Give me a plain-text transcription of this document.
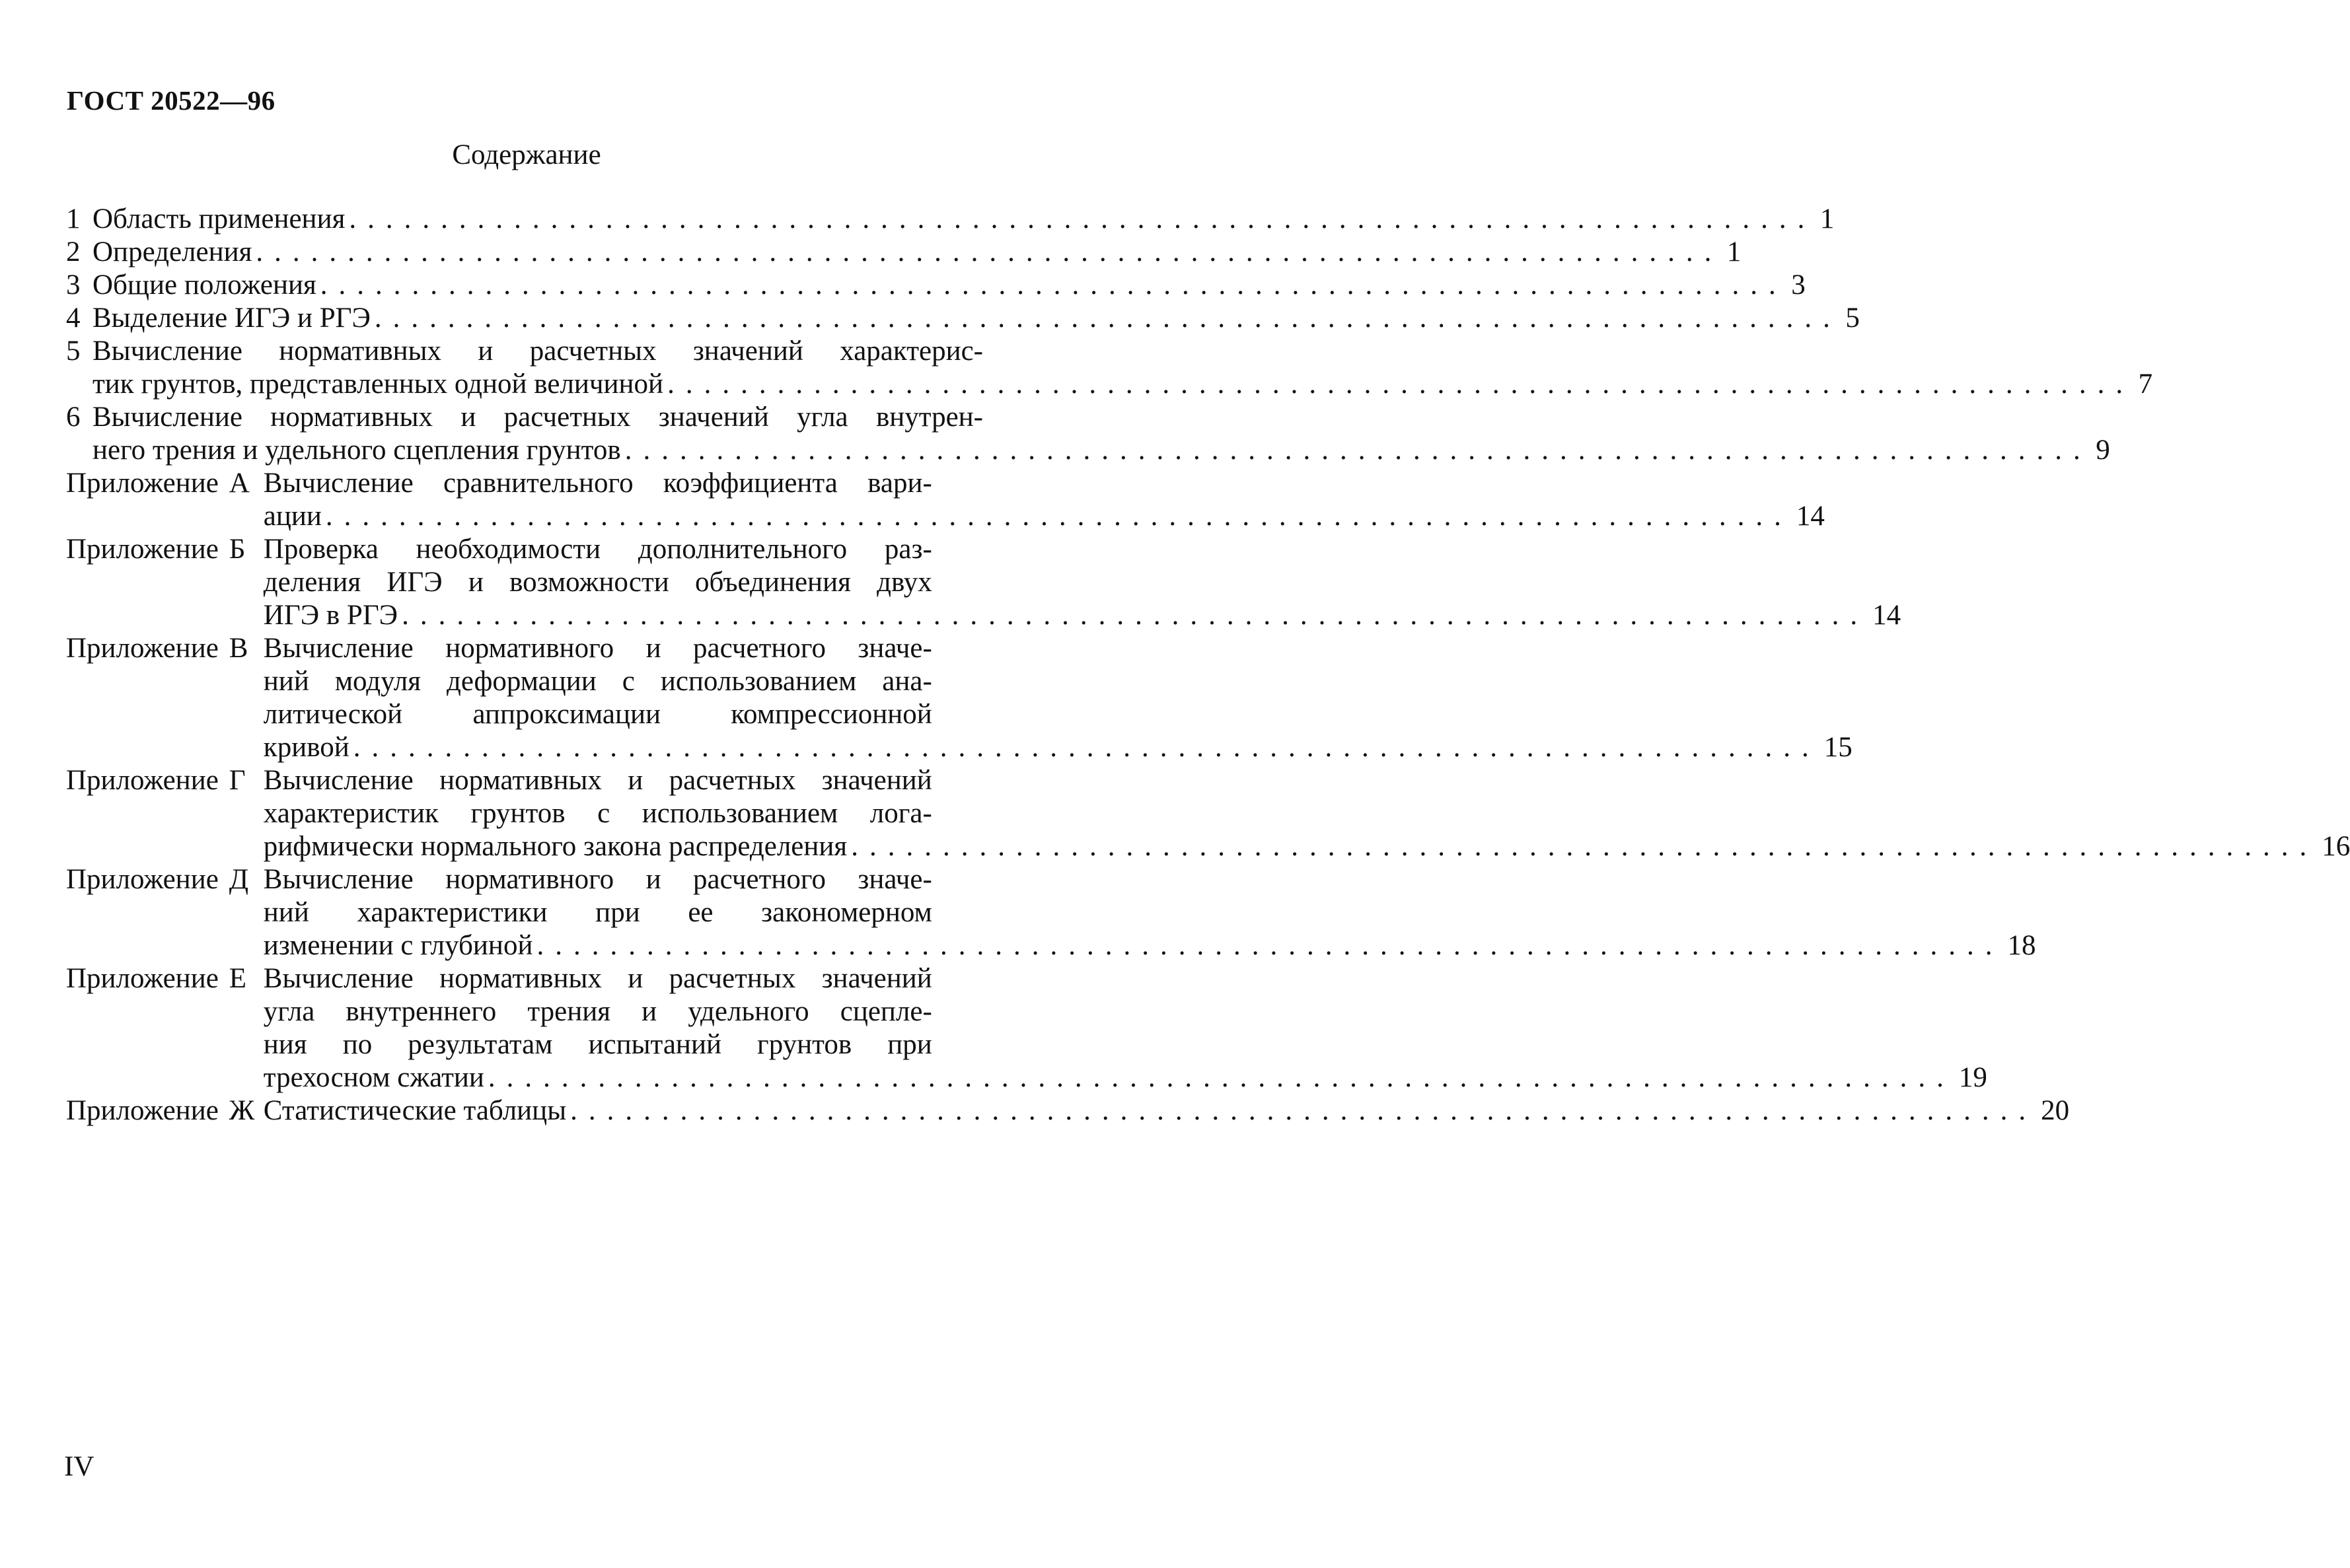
ГОСТ 20522—96
Содержание
1 Область применения ................................................................................ 1
2 Определения ................................................................................ 1
3 Общие положения ................................................................................ 3
4 Выделение ИГЭ и РГЭ ................................................................................ 5
5 Вычисление нормативных и расчетных значений характерис-
тик грунтов, представленных одной величиной ................................................................................ 7
6 Вычисление нормативных и расчетных значений угла внутрен-
него трения и удельного сцепления грунтов ................................................................................ 9
Приложение А Вычисление сравнительного коэффициента вари-
ации ................................................................................ 14
Приложение Б Проверка необходимости дополнительного раз-
деления ИГЭ и возможности объединения двух
ИГЭ в РГЭ ................................................................................ 14
Приложение В Вычисление нормативного и расчетного значе-
ний модуля деформации с использованием ана-
литической аппроксимации компрессионной
кривой ................................................................................ 15
Приложение Г Вычисление нормативных и расчетных значений
характеристик грунтов с использованием лога-
рифмически нормального закона распределения ................................................................................ 16
Приложение Д Вычисление нормативного и расчетного значе-
ний характеристики при ее закономерном
изменении с глубиной ................................................................................ 18
Приложение Е Вычисление нормативных и расчетных значений
угла внутреннего трения и удельного сцепле-
ния по результатам испытаний грунтов при
трехосном сжатии ................................................................................ 19
Приложение Ж Статистические таблицы ................................................................................ 20
IV
